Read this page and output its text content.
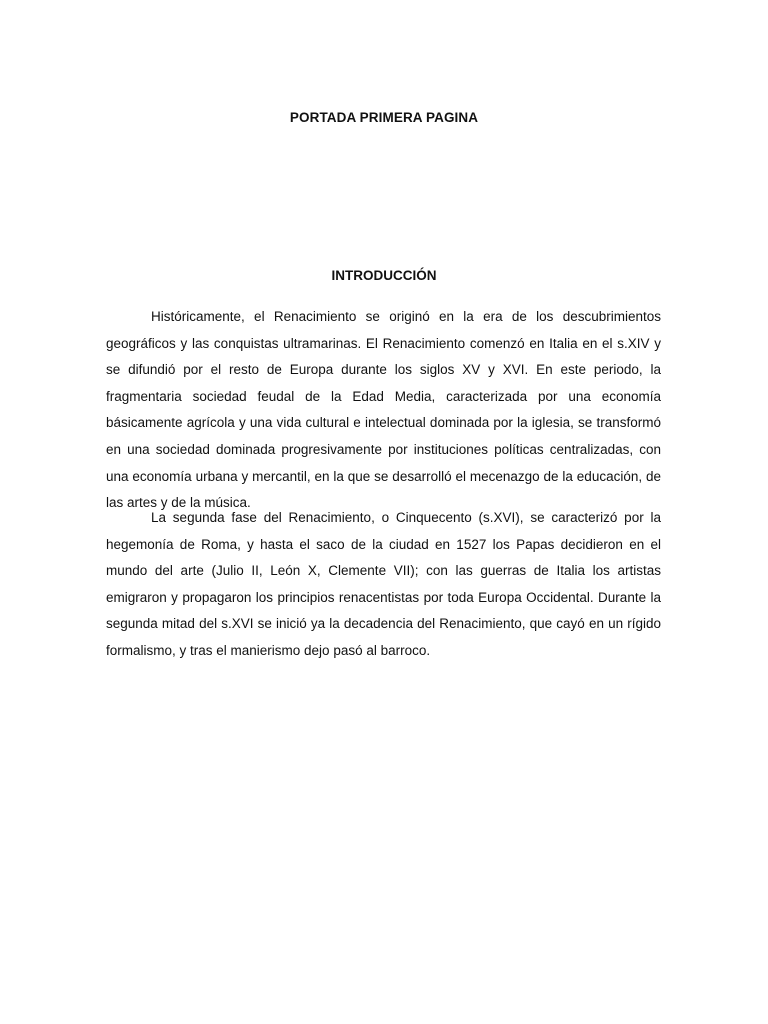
PORTADA PRIMERA PAGINA
INTRODUCCIÓN

Históricamente, el Renacimiento se originó en la era de los descubrimientos geográficos y las conquistas ultramarinas. El Renacimiento comenzó en Italia en el s.XIV y se difundió por el resto de Europa durante los siglos XV y XVI. En este periodo, la fragmentaria sociedad feudal de la Edad Media, caracterizada por una economía básicamente agrícola y una vida cultural e intelectual dominada por la iglesia, se transformó en una sociedad dominada progresivamente por instituciones políticas centralizadas, con una economía urbana y mercantil, en la que se desarrolló el mecenazgo de la educación, de las artes y de la música.

La segunda fase del Renacimiento, o Cinquecento (s.XVI), se caracterizó por la hegemonía de Roma, y hasta el saco de la ciudad en 1527 los Papas decidieron en el mundo del arte (Julio II, León X, Clemente VII); con las guerras de Italia los artistas emigraron y propagaron los principios renacentistas por toda Europa Occidental. Durante la segunda mitad del s.XVI se inició ya la decadencia del Renacimiento, que cayó en un rígido formalismo, y tras el manierismo dejo pasó al barroco.
